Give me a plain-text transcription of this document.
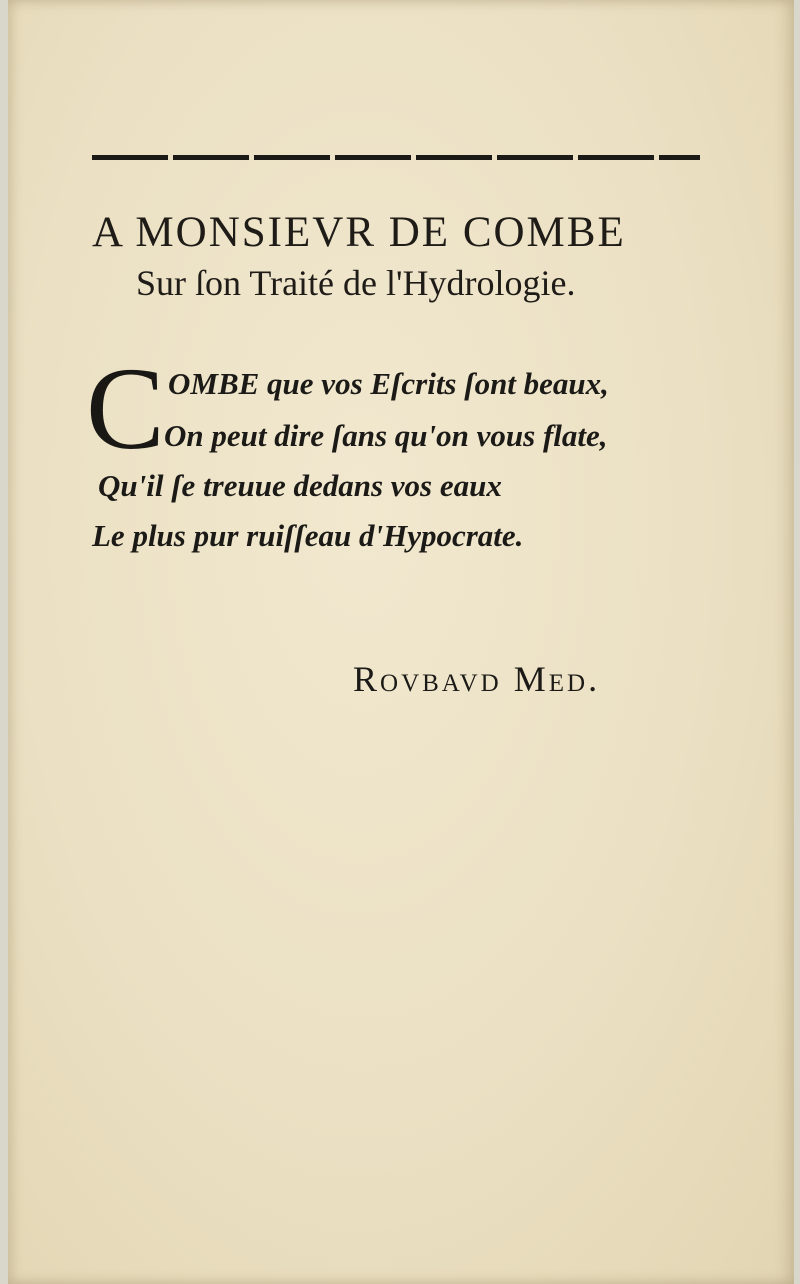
A MONSIEVR DE COMBE
Sur ſon Traité de l'Hydrologie.
C OMBE que vos Eſcrits ſont beaux,
On peut dire ſans qu'on vous flate,
Qu'il ſe treuue dedans vos eaux
Le plus pur ruiſſeau d'Hypocrate.
Rovbavd Med.
